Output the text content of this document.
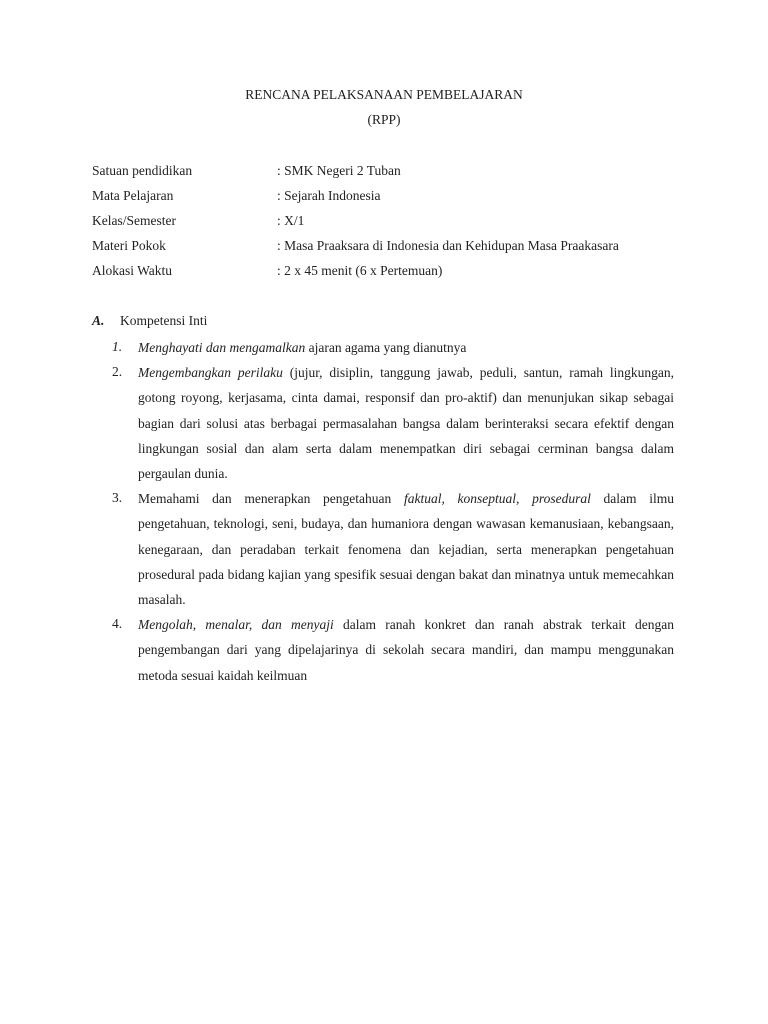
RENCANA PELAKSANAAN PEMBELAJARAN
(RPP)
Satuan pendidikan	: SMK Negeri 2 Tuban
Mata Pelajaran	: Sejarah Indonesia
Kelas/Semester	: X/1
Materi Pokok	: Masa Praaksara di Indonesia dan Kehidupan Masa Praakasara
Alokasi Waktu	: 2 x 45 menit (6 x Pertemuan)
A. Kompetensi Inti
1. Menghayati dan mengamalkan ajaran agama yang dianutnya
2. Mengembangkan perilaku (jujur, disiplin, tanggung jawab, peduli, santun, ramah lingkungan, gotong royong, kerjasama, cinta damai, responsif dan pro-aktif) dan menunjukan sikap sebagai bagian dari solusi atas berbagai permasalahan bangsa dalam berinteraksi secara efektif dengan lingkungan sosial dan alam serta dalam menempatkan diri sebagai cerminan bangsa dalam pergaulan dunia.
3. Memahami dan menerapkan pengetahuan faktual, konseptual, prosedural dalam ilmu pengetahuan, teknologi, seni, budaya, dan humaniora dengan wawasan kemanusiaan, kebangsaan, kenegaraan, dan peradaban terkait fenomena dan kejadian, serta menerapkan pengetahuan prosedural pada bidang kajian yang spesifik sesuai dengan bakat dan minatnya untuk memecahkan masalah.
4. Mengolah, menalar, dan menyaji dalam ranah konkret dan ranah abstrak terkait dengan pengembangan dari yang dipelajarinya di sekolah secara mandiri, dan mampu menggunakan metoda sesuai kaidah keilmuan
